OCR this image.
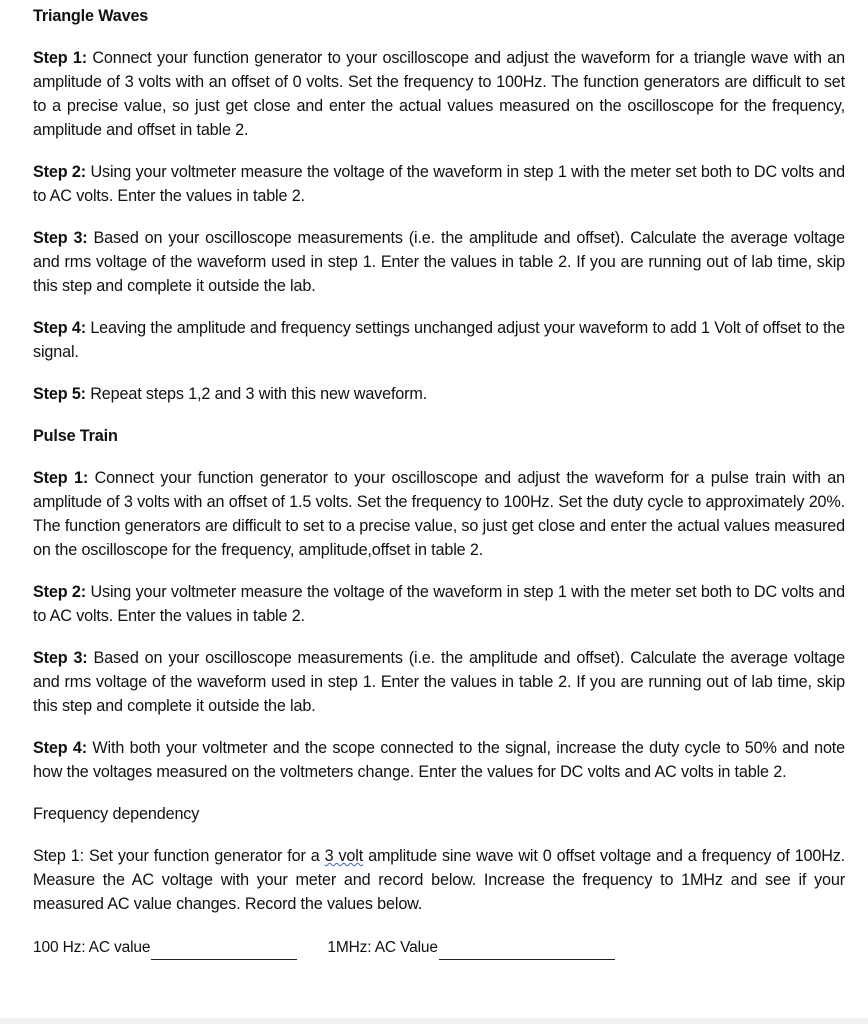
Triangle Waves

Step 1: Connect your function generator to your oscilloscope and adjust the waveform for a triangle wave with an amplitude of 3 volts with an offset of 0 volts. Set the frequency to 100Hz. The function generators are difficult to set to a precise value, so just get close and enter the actual values measured on the oscilloscope for the frequency, amplitude and offset in table 2.

Step 2: Using your voltmeter measure the voltage of the waveform in step 1 with the meter set both to DC volts and to AC volts. Enter the values in table 2.

Step 3: Based on your oscilloscope measurements (i.e. the amplitude and offset). Calculate the average voltage and rms voltage of the waveform used in step 1. Enter the values in table 2. If you are running out of lab time, skip this step and complete it outside the lab.

Step 4: Leaving the amplitude and frequency settings unchanged adjust your waveform to add 1 Volt of offset to the signal.

Step 5: Repeat steps 1,2 and 3 with this new waveform.

Pulse Train

Step 1: Connect your function generator to your oscilloscope and adjust the waveform for a pulse train with an amplitude of 3 volts with an offset of 1.5 volts. Set the frequency to 100Hz. Set the duty cycle to approximately 20%. The function generators are difficult to set to a precise value, so just get close and enter the actual values measured on the oscilloscope for the frequency, amplitude,offset in table 2.

Step 2: Using your voltmeter measure the voltage of the waveform in step 1 with the meter set both to DC volts and to AC volts. Enter the values in table 2.

Step 3: Based on your oscilloscope measurements (i.e. the amplitude and offset). Calculate the average voltage and rms voltage of the waveform used in step 1. Enter the values in table 2. If you are running out of lab time, skip this step and complete it outside the lab.

Step 4: With both your voltmeter and the scope connected to the signal, increase the duty cycle to 50% and note how the voltages measured on the voltmeters change. Enter the values for DC volts and AC volts in table 2.

Frequency dependency

Step 1: Set your function generator for a 3 volt amplitude sine wave wit 0 offset voltage and a frequency of 100Hz. Measure the AC voltage with your meter and record below. Increase the frequency to 1MHz and see if your measured AC value changes. Record the values below.

100 Hz: AC value	1MHz: AC Value
